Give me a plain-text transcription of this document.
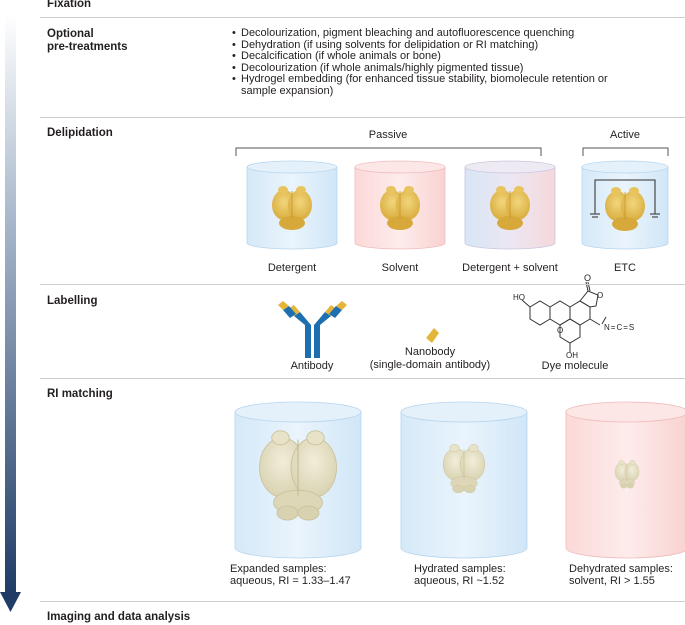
Fixation
Optional
pre-treatments
• Decolourization, pigment bleaching and autofluorescence quenching
• Dehydration (if using solvents for delipidation or RI matching)
• Decalcification (if whole animals or bone)
• Decolourization (if whole animals/highly pigmented tissue)
• Hydrogel embedding (for enhanced tissue stability, biomolecule retention or
sample expansion)
Delipidation	Passive	Active
Detergent	Solvent	Detergent + solvent	ETC
Labelling
Antibody
Nanobody
(single-domain antibody)	Dye molecule
HO
OH
O
O
O
N=C=S
RI matching
Expanded samples:
aqueous, RI = 1.33–1.47
Hydrated samples:
aqueous, RI ~1.52
Dehydrated samples:
solvent, RI > 1.55
Imaging and data analysis
